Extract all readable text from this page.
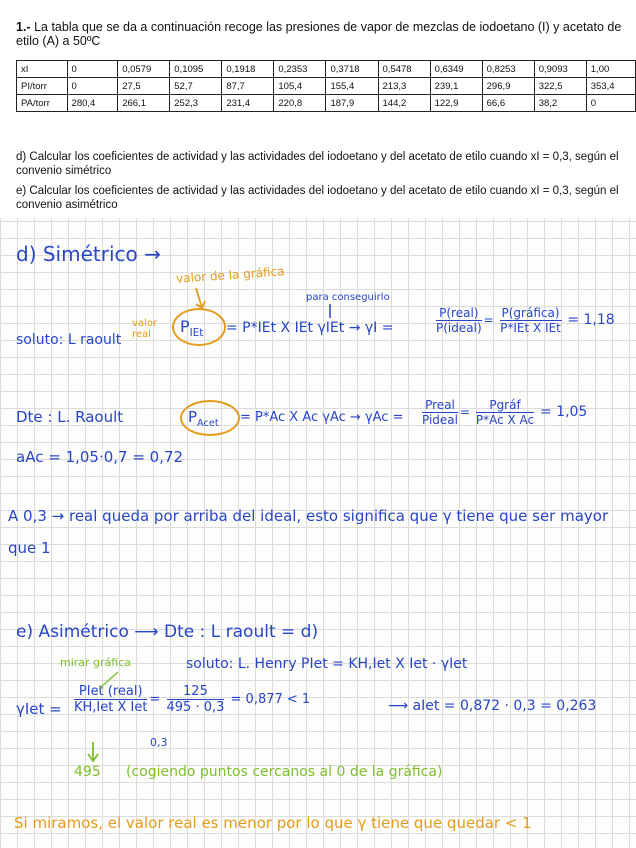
1.- La tabla que se da a continuación recoge las presiones de vapor de mezclas de iodoetano (I) y acetato de etilo (A) a 50ºC
xI	0	0,0579	0,1095	0,1918	0,2353	0,3718	0,5478	0,6349	0,8253	0,9093	1,00
PI/torr	0	27,5	52,7	87,7	105,4	155,4	213,3	239,1	296,9	322,5	353,4
PA/torr	280,4	266,1	252,3	231,4	220,8	187,9	144,2	122,9	66,6	38,2	0
d) Calcular los coeficientes de actividad y las actividades del iodoetano y del acetato de etilo cuando xI = 0,3, según el convenio simétrico
e) Calcular los coeficientes de actividad y las actividades del iodoetano y del acetato de etilo cuando xI = 0,3, según el convenio asimétrico
d) Simétrico →
valor de la gráfica
para conseguirlo
soluto: L raoult
valor real	$P_{IEt} = P*IEt$ X IEt γIEt → γI =	$\frac{\text{P(real)}}{\text{P(ideal)}} = \frac{\text{P(gráfica)}}{\text{P*IEt X IEt}} = 1,18$
Dte : L. Raoult	$P_{Acet} = P*Ac$ X Ac $\gamma Ac \to \gamma Ac = \frac{\text{Preal}}{\text{Pideal}} = \frac{\text{Pgráf}}{\text{P*Ac X Ac}} = 1,05$
aAc = 1,05·0,7 = 0,72
A 0,3 → real queda por arriba del ideal, esto significa que γ tiene que ser mayor que 1
e) Asimétrico ⟶ Dte : L raoult = d)
mirar gráfica	soluto: L. Henry PIet = KH,Iet X Iet · γIet
$\gamma Iet = \frac{\text{PIet (real)}}{\text{KH,Iet X Iet}} = \frac{125}{495 \cdot 0,3} = 0,877 < 1$	⟶ aIet = 0,872 · 0,3 = 0,263
0,3
495 (cogiendo puntos cercanos al 0 de la gráfica)
Si miramos, el valor real es menor por lo que γ tiene que quedar < 1
